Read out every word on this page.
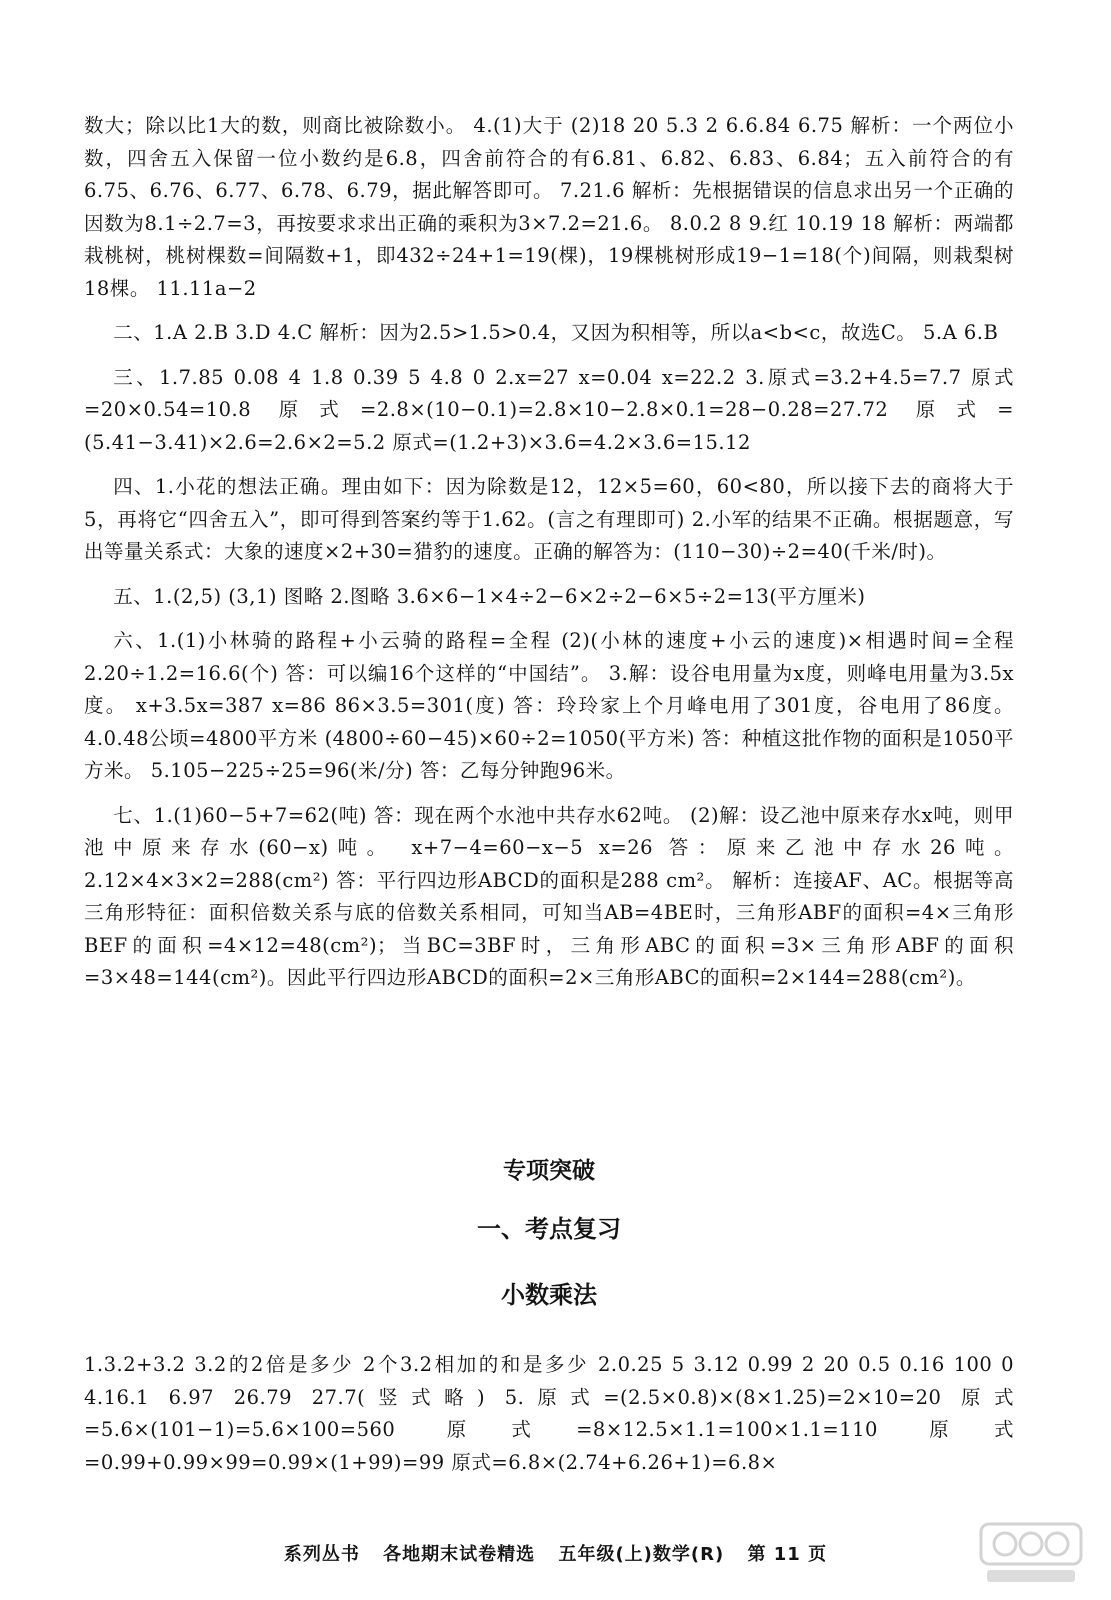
数大；除以比1大的数，则商比被除数小。 4.(1)大于 (2)18 20 5.3 2 6.6.84 6.75 解析：一个两位小数，四舍五入保留一位小数约是6.8，四舍前符合的有6.81、6.82、6.83、6.84；五入前符合的有6.75、6.76、6.77、6.78、6.79，据此解答即可。 7.21.6 解析：先根据错误的信息求出另一个正确的因数为8.1÷2.7=3，再按要求求出正确的乘积为3×7.2=21.6。 8.0.2 8 9.红 10.19 18 解析：两端都栽桃树，桃树棵数=间隔数+1，即432÷24+1=19(棵)，19棵桃树形成19−1=18(个)间隔，则栽梨树18棵。 11.11a−2

二、1.A 2.B 3.D 4.C 解析：因为2.5>1.5>0.4，又因为积相等，所以a<b<c，故选C。 5.A 6.B

三、1.7.85 0.08 4 1.8 0.39 5 4.8 0 2.x=27 x=0.04 x=22.2 3.原式=3.2+4.5=7.7 原式=20×0.54=10.8 原式=2.8×(10−0.1)=2.8×10−2.8×0.1=28−0.28=27.72 原式=(5.41−3.41)×2.6=2.6×2=5.2 原式=(1.2+3)×3.6=4.2×3.6=15.12

四、1.小花的想法正确。理由如下：因为除数是12，12×5=60，60<80，所以接下去的商将大于5，再将它“四舍五入”，即可得到答案约等于1.62。(言之有理即可) 2.小军的结果不正确。根据题意，写出等量关系式：大象的速度×2+30=猎豹的速度。正确的解答为：(110−30)÷2=40(千米/时)。

五、1.(2,5) (3,1) 图略 2.图略 3.6×6−1×4÷2−6×2÷2−6×5÷2=13(平方厘米)

六、1.(1)小林骑的路程+小云骑的路程=全程 (2)(小林的速度+小云的速度)×相遇时间=全程 2.20÷1.2=16.6(个) 答：可以编16个这样的“中国结”。 3.解：设谷电用量为x度，则峰电用量为3.5x度。 x+3.5x=387 x=86 86×3.5=301(度) 答：玲玲家上个月峰电用了301度，谷电用了86度。 4.0.48公顷=4800平方米 (4800÷60−45)×60÷2=1050(平方米) 答：种植这批作物的面积是1050平方米。 5.105−225÷25=96(米/分) 答：乙每分钟跑96米。

七、1.(1)60−5+7=62(吨) 答：现在两个水池中共存水62吨。 (2)解：设乙池中原来存水x吨，则甲池中原来存水(60−x)吨。 x+7−4=60−x−5 x=26 答：原来乙池中存水26吨。 2.12×4×3×2=288(cm²) 答：平行四边形ABCD的面积是288 cm²。 解析：连接AF、AC。根据等高三角形特征：面积倍数关系与底的倍数关系相同，可知当AB=4BE时，三角形ABF的面积=4×三角形BEF的面积=4×12=48(cm²)；当BC=3BF时，三角形ABC的面积=3×三角形ABF的面积=3×48=144(cm²)。因此平行四边形ABCD的面积=2×三角形ABC的面积=2×144=288(cm²)。

专项突破
一、考点复习
小数乘法

1.3.2+3.2 3.2的2倍是多少 2个3.2相加的和是多少 2.0.25 5 3.12 0.99 2 20 0.5 0.16 100 0 4.16.1 6.97 26.79 27.7(竖式略) 5.原式=(2.5×0.8)×(8×1.25)=2×10=20 原式=5.6×(101−1)=5.6×100=560 原式=8×12.5×1.1=100×1.1=110 原式=0.99+0.99×99=0.99×(1+99)=99 原式=6.8×(2.74+6.26+1)=6.8×

系列丛书 各地期末试卷精选 五年级(上)数学(R) 第 11 页
